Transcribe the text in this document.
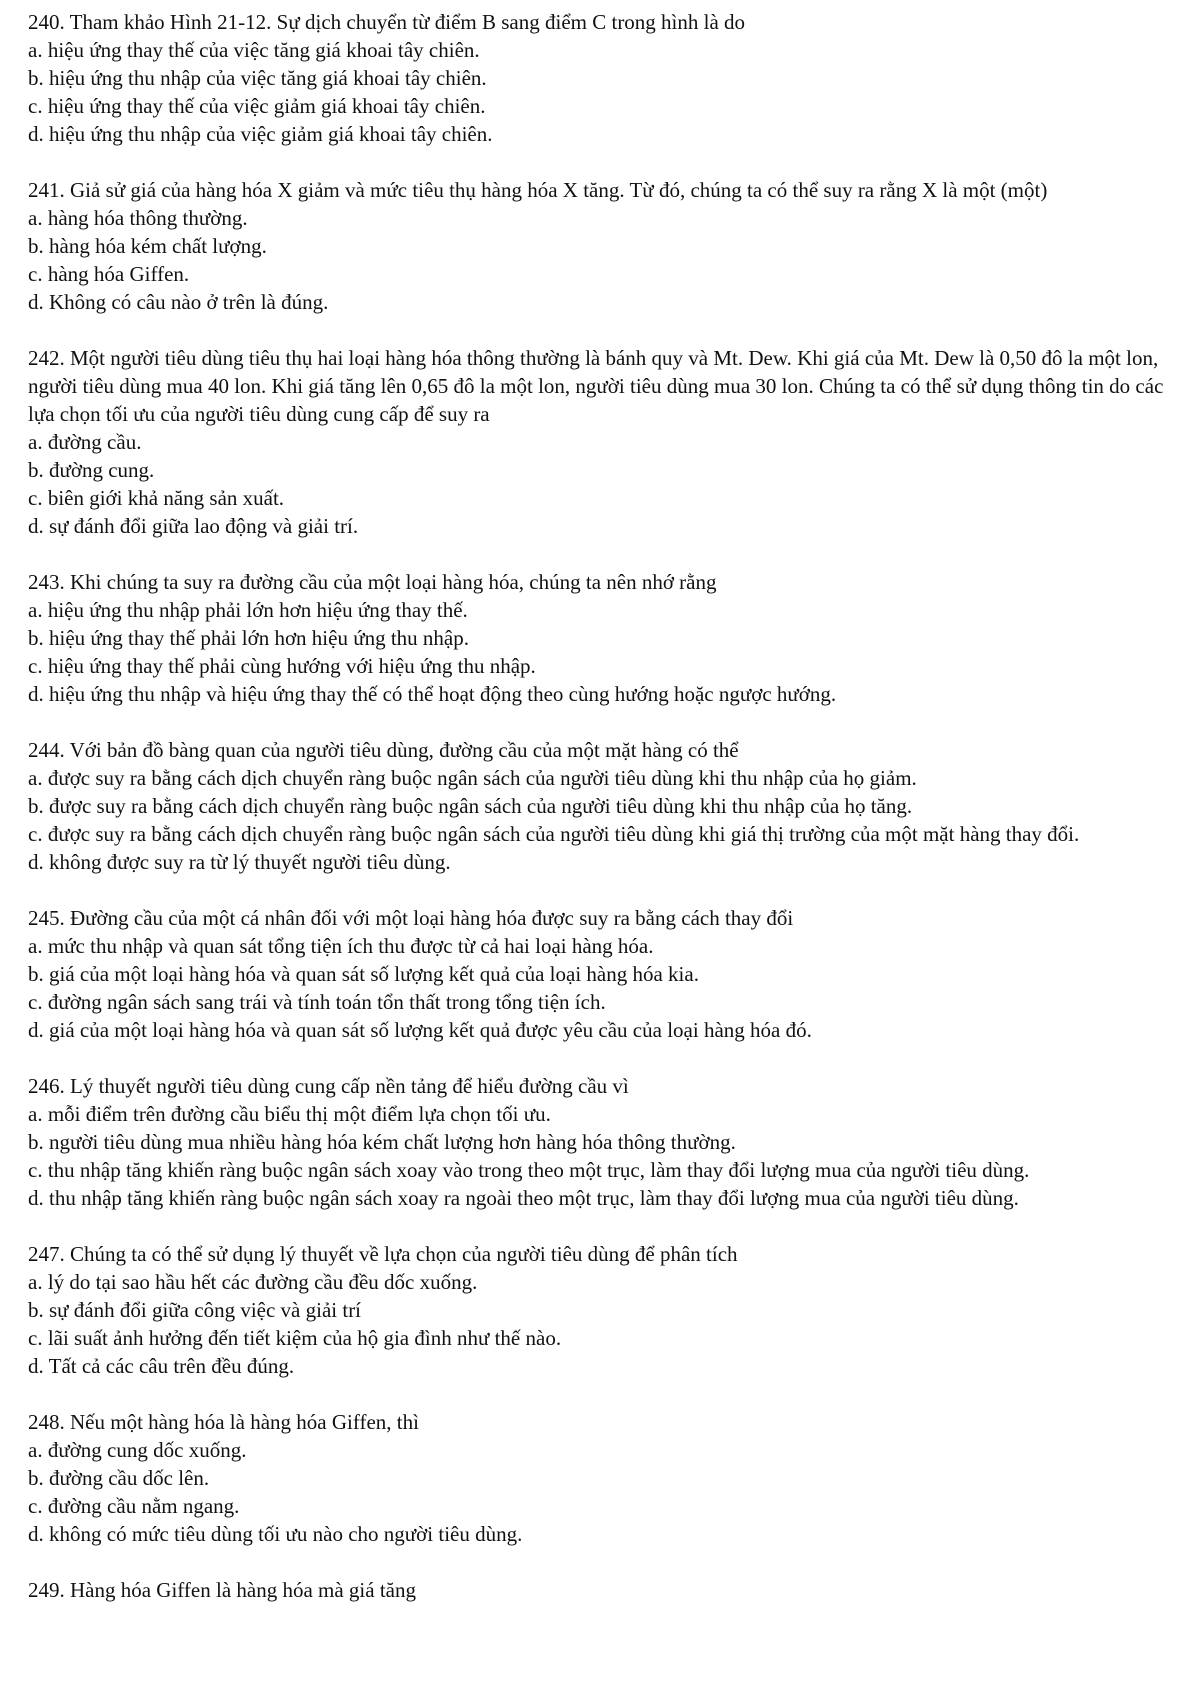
240. Tham khảo Hình 21-12. Sự dịch chuyển từ điểm B sang điểm C trong hình là do

a. hiệu ứng thay thế của việc tăng giá khoai tây chiên.

b. hiệu ứng thu nhập của việc tăng giá khoai tây chiên.

c. hiệu ứng thay thế của việc giảm giá khoai tây chiên.

d. hiệu ứng thu nhập của việc giảm giá khoai tây chiên.

241. Giả sử giá của hàng hóa X giảm và mức tiêu thụ hàng hóa X tăng. Từ đó, chúng ta có thể suy ra rằng X là một (một)

a. hàng hóa thông thường.

b. hàng hóa kém chất lượng.

c. hàng hóa Giffen.

d. Không có câu nào ở trên là đúng.

242. Một người tiêu dùng tiêu thụ hai loại hàng hóa thông thường là bánh quy và Mt. Dew. Khi giá của Mt. Dew là 0,50 đô la một lon, người tiêu dùng mua 40 lon. Khi giá tăng lên 0,65 đô la một lon, người tiêu dùng mua 30 lon. Chúng ta có thể sử dụng thông tin do các lựa chọn tối ưu của người tiêu dùng cung cấp để suy ra

a. đường cầu.

b. đường cung.

c. biên giới khả năng sản xuất.

d. sự đánh đổi giữa lao động và giải trí.

243. Khi chúng ta suy ra đường cầu của một loại hàng hóa, chúng ta nên nhớ rằng

a. hiệu ứng thu nhập phải lớn hơn hiệu ứng thay thế.

b. hiệu ứng thay thế phải lớn hơn hiệu ứng thu nhập.

c. hiệu ứng thay thế phải cùng hướng với hiệu ứng thu nhập.

d. hiệu ứng thu nhập và hiệu ứng thay thế có thể hoạt động theo cùng hướng hoặc ngược hướng.

244. Với bản đồ bàng quan của người tiêu dùng, đường cầu của một mặt hàng có thể

a. được suy ra bằng cách dịch chuyển ràng buộc ngân sách của người tiêu dùng khi thu nhập của họ giảm.

b. được suy ra bằng cách dịch chuyển ràng buộc ngân sách của người tiêu dùng khi thu nhập của họ tăng.

c. được suy ra bằng cách dịch chuyển ràng buộc ngân sách của người tiêu dùng khi giá thị trường của một mặt hàng thay đổi.

d. không được suy ra từ lý thuyết người tiêu dùng.

245. Đường cầu của một cá nhân đối với một loại hàng hóa được suy ra bằng cách thay đổi

a. mức thu nhập và quan sát tổng tiện ích thu được từ cả hai loại hàng hóa.

b. giá của một loại hàng hóa và quan sát số lượng kết quả của loại hàng hóa kia.

c. đường ngân sách sang trái và tính toán tổn thất trong tổng tiện ích.

d. giá của một loại hàng hóa và quan sát số lượng kết quả được yêu cầu của loại hàng hóa đó.

246. Lý thuyết người tiêu dùng cung cấp nền tảng để hiểu đường cầu vì

a. mỗi điểm trên đường cầu biểu thị một điểm lựa chọn tối ưu.

b. người tiêu dùng mua nhiều hàng hóa kém chất lượng hơn hàng hóa thông thường.

c. thu nhập tăng khiến ràng buộc ngân sách xoay vào trong theo một trục, làm thay đổi lượng mua của người tiêu dùng.

d. thu nhập tăng khiến ràng buộc ngân sách xoay ra ngoài theo một trục, làm thay đổi lượng mua của người tiêu dùng.

247. Chúng ta có thể sử dụng lý thuyết về lựa chọn của người tiêu dùng để phân tích

a. lý do tại sao hầu hết các đường cầu đều dốc xuống.

b. sự đánh đổi giữa công việc và giải trí

c. lãi suất ảnh hưởng đến tiết kiệm của hộ gia đình như thế nào.

d. Tất cả các câu trên đều đúng.

248. Nếu một hàng hóa là hàng hóa Giffen, thì

a. đường cung dốc xuống.

b. đường cầu dốc lên.

c. đường cầu nằm ngang.

d. không có mức tiêu dùng tối ưu nào cho người tiêu dùng.

249. Hàng hóa Giffen là hàng hóa mà giá tăng
